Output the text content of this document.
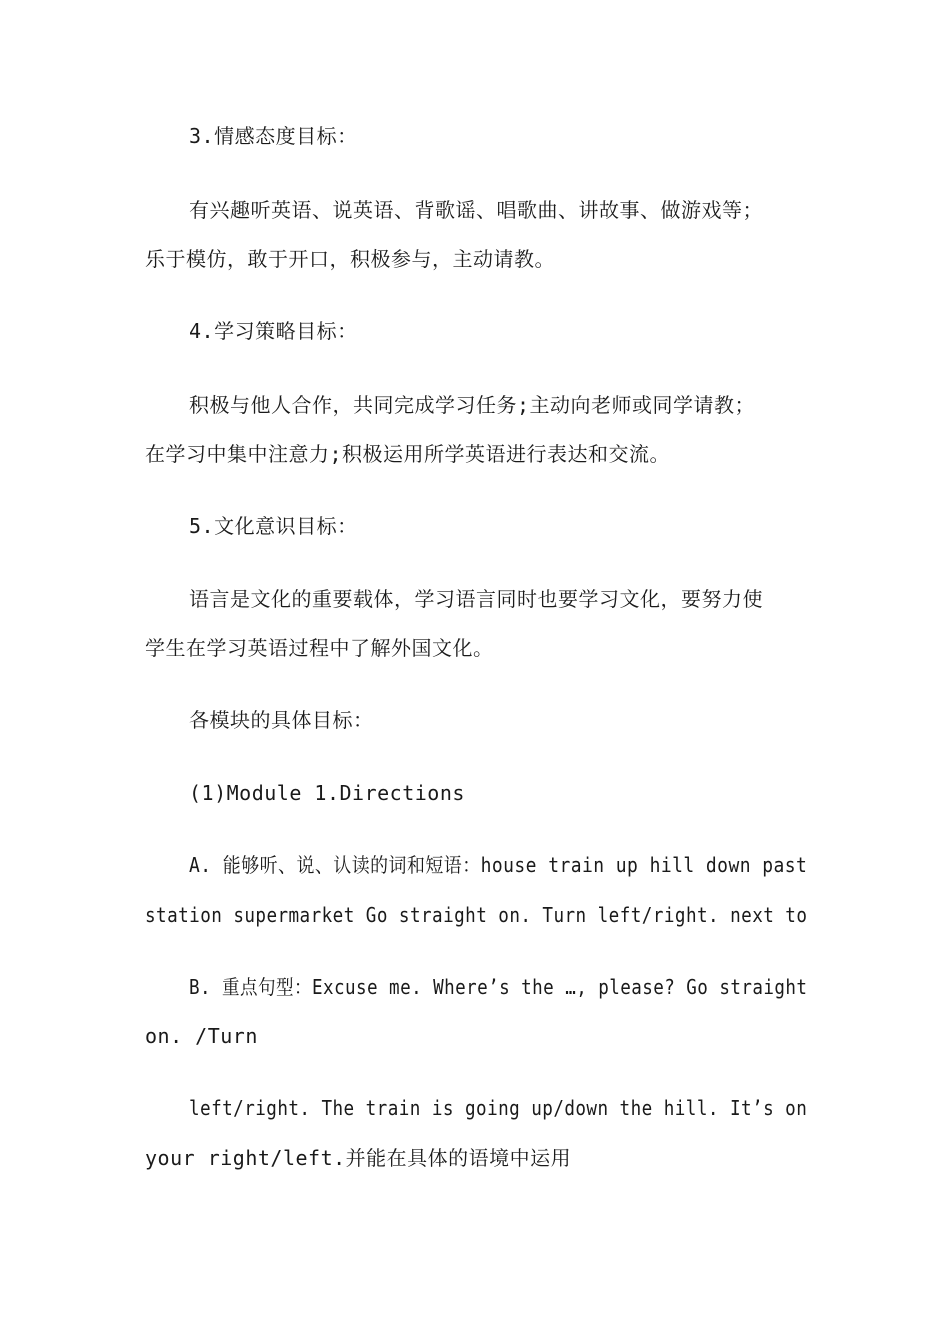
3.情感态度目标：
有兴趣听英语、说英语、背歌谣、唱歌曲、讲故事、做游戏等；
乐于模仿，敢于开口，积极参与，主动请教。
4.学习策略目标：
积极与他人合作，共同完成学习任务;主动向老师或同学请教；
在学习中集中注意力;积极运用所学英语进行表达和交流。
5.文化意识目标：
语言是文化的重要载体，学习语言同时也要学习文化，要努力使
学生在学习英语过程中了解外国文化。
各模块的具体目标：
(1)Module 1.Directions
A. 能够听、说、认读的词和短语：house train up hill down past
station supermarket Go straight on. Turn left/right. next to
B. 重点句型：Excuse me. Where’s the …, please? Go straight
on. /Turn
left/right. The train is going up/down the hill. It’s on
your right/left.并能在具体的语境中运用
